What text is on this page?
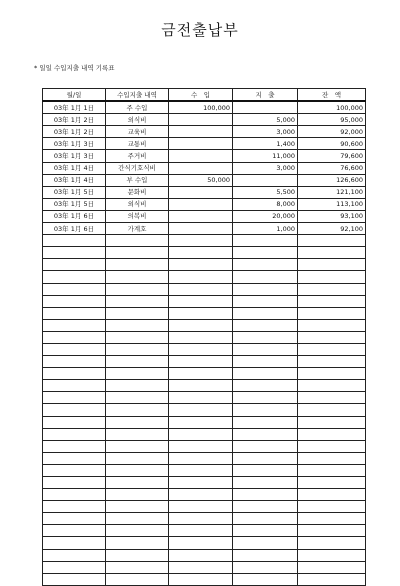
금전출납부
* 일일 수입지출 내역 기록표
월/일	수입지출 내역	수　입	지　출	잔　액
03年 1月 1日	주 수입	100,000		100,000
03年 1月 2日	외식비		5,000	95,000
03年 1月 2日	교육비		3,000	92,000
03年 1月 3日	교통비		1,400	90,600
03年 1月 3日	주거비		11,000	79,600
03年 1月 4日	간식기호식비		3,000	76,600
03年 1月 4日	부 수입	50,000		126,600
03年 1月 5日	문화비		5,500	121,100
03年 1月 5日	외식비		8,000	113,100
03年 1月 6日	의복비		20,000	93,100
03年 1月 6日	가계호		1,000	92,100
